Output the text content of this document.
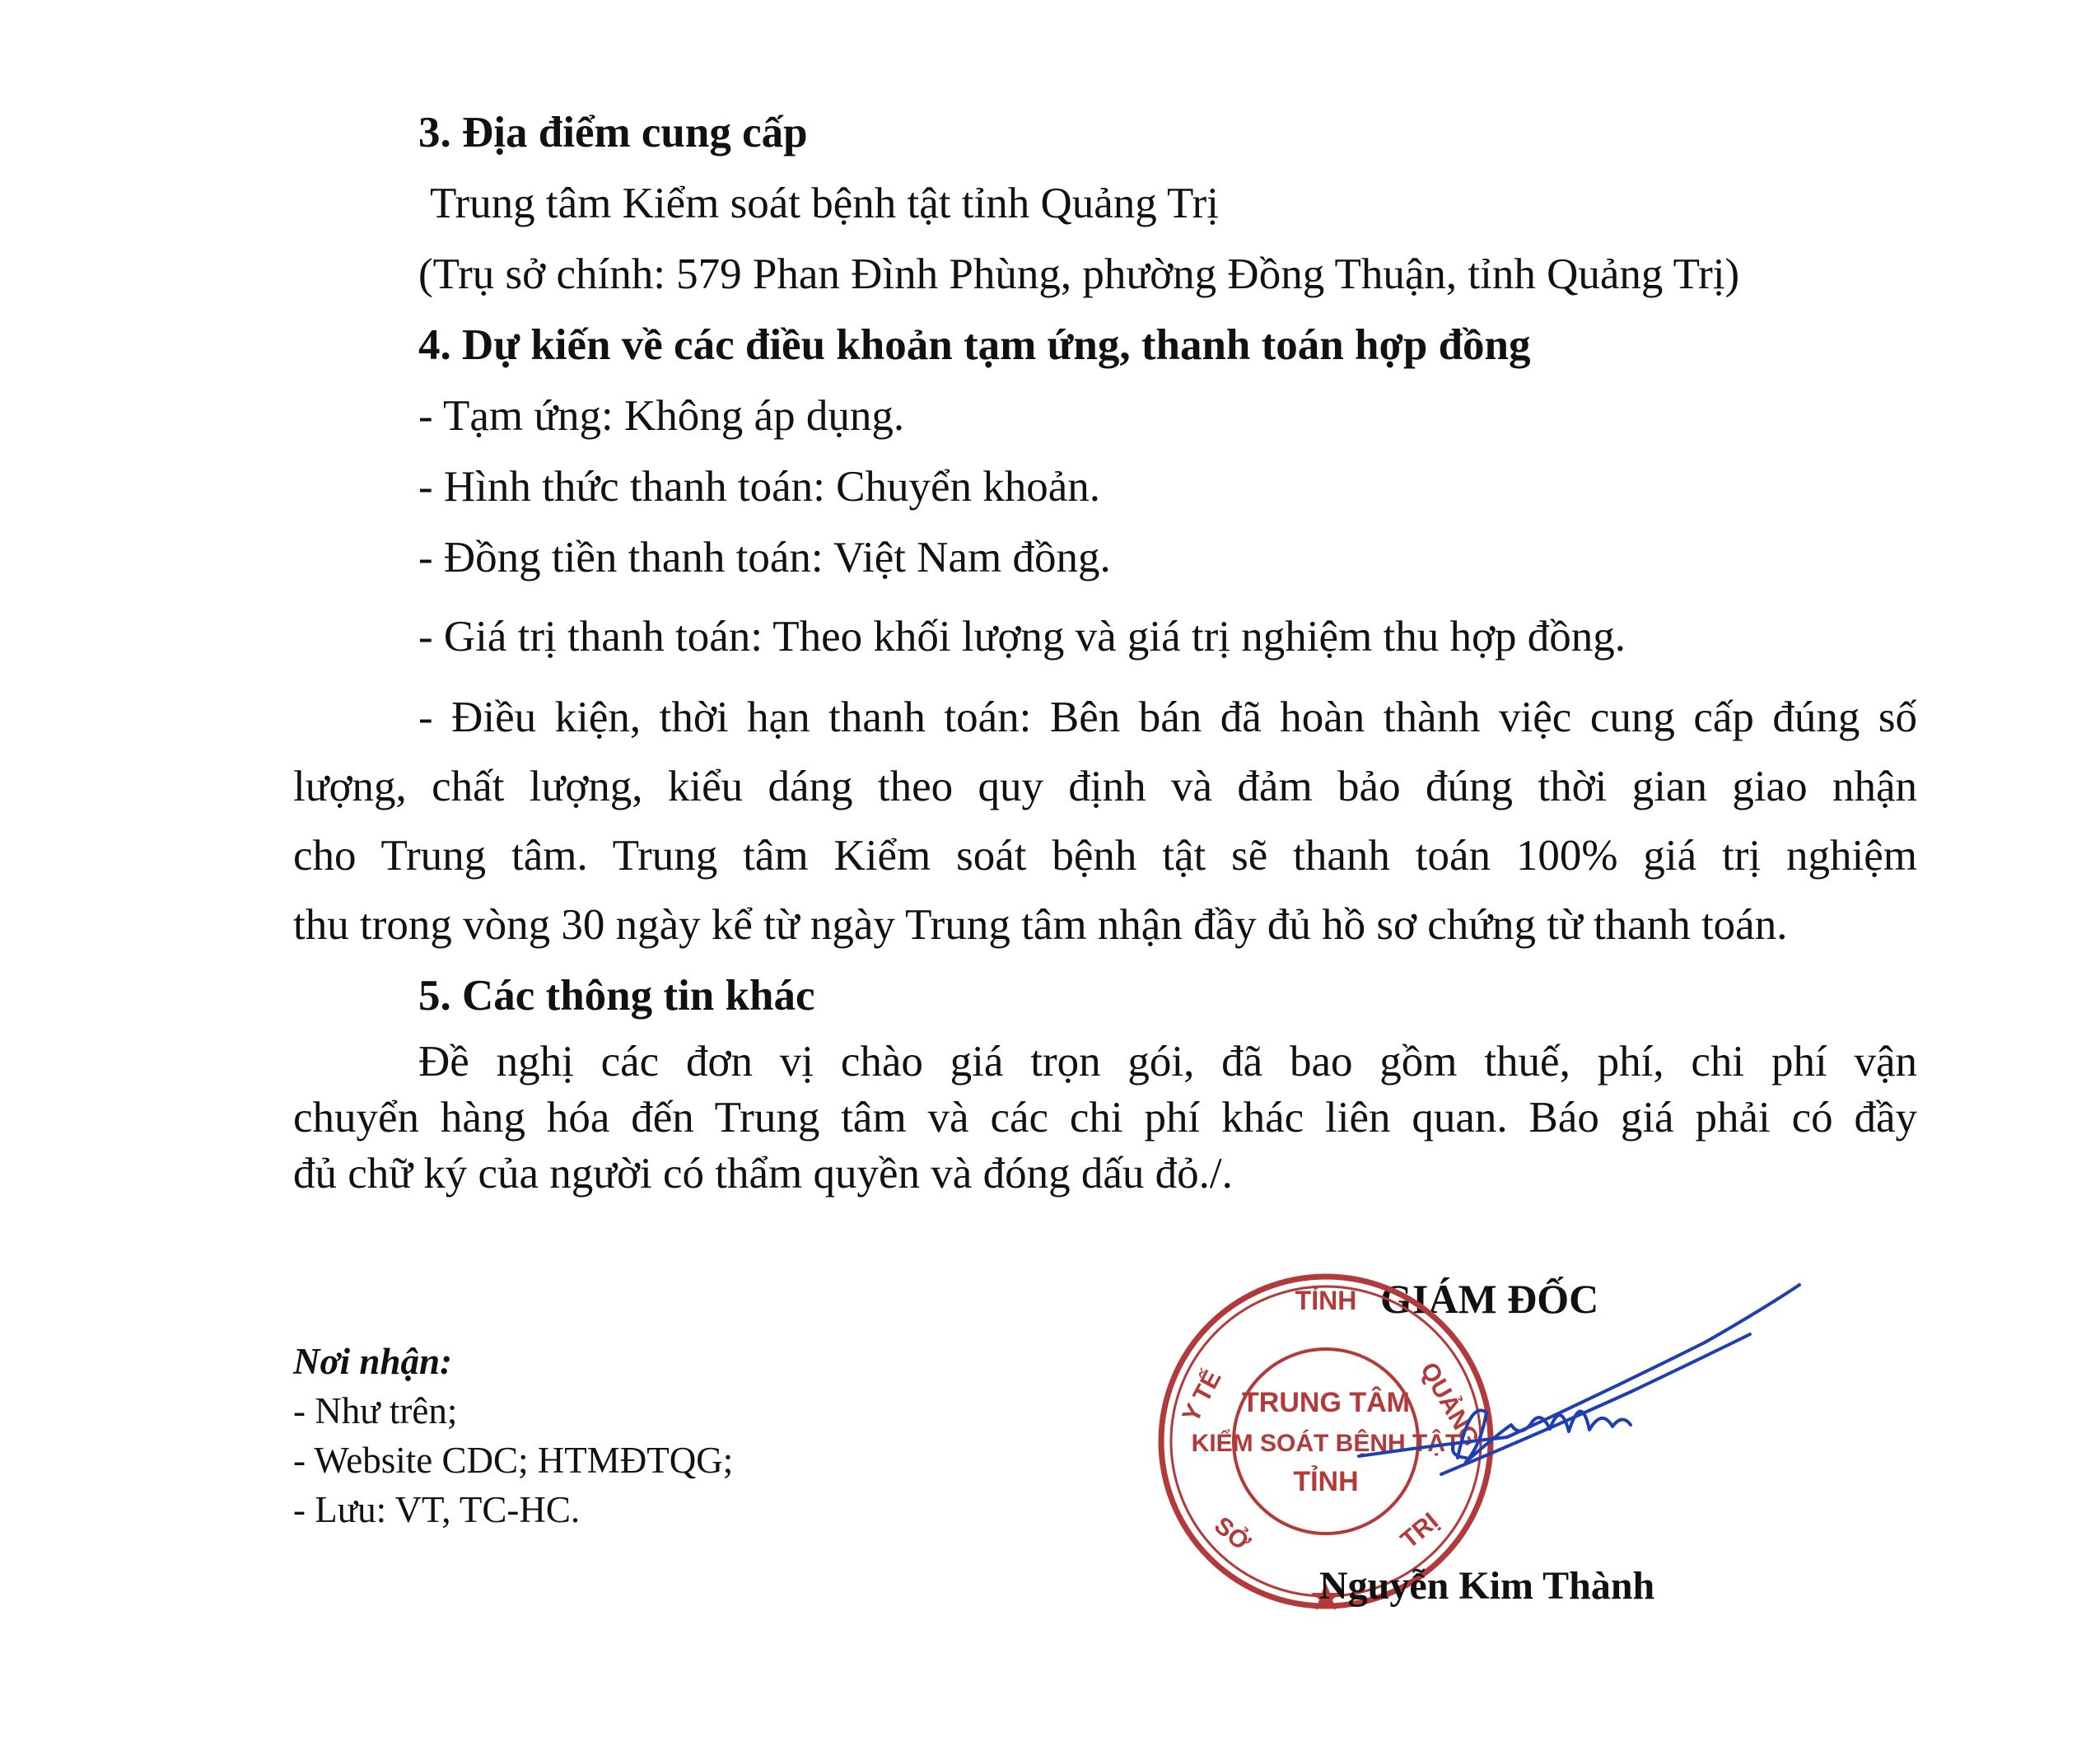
3. Địa điểm cung cấp
Trung tâm Kiểm soát bệnh tật tỉnh Quảng Trị
(Trụ sở chính: 579 Phan Đình Phùng, phường Đồng Thuận, tỉnh Quảng Trị)
4. Dự kiến về các điều khoản tạm ứng, thanh toán hợp đồng
- Tạm ứng: Không áp dụng.
- Hình thức thanh toán: Chuyển khoản.
- Đồng tiền thanh toán: Việt Nam đồng.
- Giá trị thanh toán: Theo khối lượng và giá trị nghiệm thu hợp đồng.
- Điều kiện, thời hạn thanh toán: Bên bán đã hoàn thành việc cung cấp đúng số
lượng, chất lượng, kiểu dáng theo quy định và đảm bảo đúng thời gian giao nhận
cho Trung tâm. Trung tâm Kiểm soát bệnh tật sẽ thanh toán 100% giá trị nghiệm
thu trong vòng 30 ngày kể từ ngày Trung tâm nhận đầy đủ hồ sơ chứng từ thanh toán.
5. Các thông tin khác
Đề nghị các đơn vị chào giá trọn gói, đã bao gồm thuế, phí, chi phí vận
chuyển hàng hóa đến Trung tâm và các chi phí khác liên quan. Báo giá phải có đầy
đủ chữ ký của người có thẩm quyền và đóng dấu đỏ./.
Nơi nhận:
- Như trên;
- Website CDC; HTMĐTQG;
- Lưu: VT, TC-HC.
GIÁM ĐỐC
TỈNH
Y TẾ	QUẢNG
SỞ	TRỊ
TRUNG TÂM
KIỂM SOÁT BỆNH TẬT
TỈNH
Nguyễn Kim Thành
